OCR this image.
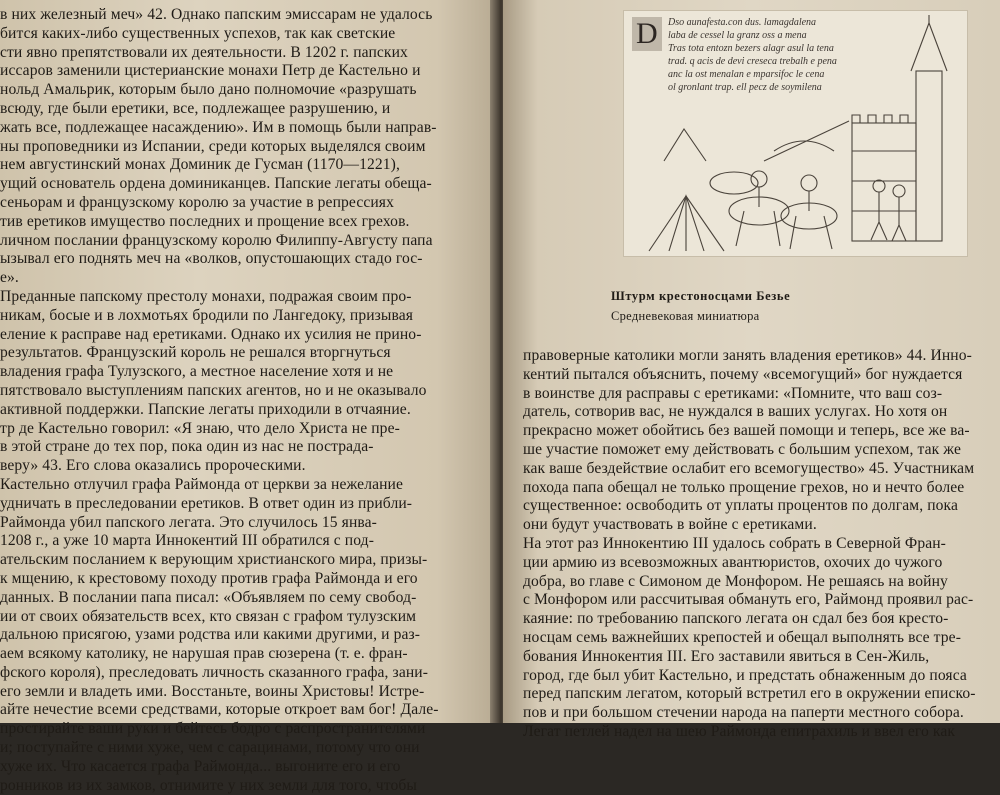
в них железный меч» 42. Однако папским эмиссарам не удалось
бится каких-либо существенных успехов, так как светские
сти явно препятствовали их деятельности. В 1202 г. папских
иссаров заменили цистерианские монахи Петр де Кастельно и
нольд Амальрик, которым было дано полномочие «разрушать
всюду, где были еретики, все, подлежащее разрушению, и
жать все, подлежащее насаждению». Им в помощь были направ-
ны проповедники из Испании, среди которых выделялся своим
нем августинский монах Доминик де Гусман (1170—1221),
ущий основатель ордена доминиканцев. Папские легаты обеща-
сеньорам и французскому королю за участие в репрессиях
тив еретиков имущество последних и прощение всех грехов.
личном послании французскому королю Филиппу-Августу папа
ызывал его поднять меч на «волков, опустошающих стадо гос-
е».
Преданные папскому престолу монахи, подражая своим про-
никам, босые и в лохмотьях бродили по Лангедоку, призывая
еление к расправе над еретиками. Однако их усилия не прино-
результатов. Французский король не решался вторгнуться
владения графа Тулузского, а местное население хотя и не
пятствовало выступлениям папских агентов, но и не оказывало
активной поддержки. Папские легаты приходили в отчаяние.
тр де Кастельно говорил: «Я знаю, что дело Христа не пре-
в этой стране до тех пор, пока один из нас не пострада-
веру» 43. Его слова оказались пророческими.
Кастельно отлучил графа Раймонда от церкви за нежелание
удничать в преследовании еретиков. В ответ один из прибли-
Раймонда убил папского легата. Это случилось 15 янва-
1208 г., а уже 10 марта Иннокентий III обратился с под-
ательским посланием к верующим христианского мира, призы-
к мщению, к крестовому походу против графа Раймонда и его
данных. В послании папа писал: «Объявляем по сему свобод-
ии от своих обязательств всех, кто связан с графом тулузским
дальною присягою, узами родства или какими другими, и раз-
аем всякому католику, не нарушая прав сюзерена (т. е. фран-
фского короля), преследовать личность сказанного графа, зани-
его земли и владеть ими. Восстаньте, воины Христовы! Истре-
айте нечестие всеми средствами, которые откроет вам бог! Дале-
простирайте ваши руки и бейтесь бодро с распространителями
и; поступайте с ними хуже, чем с сарацинами, потому что они
хуже их. Что касается графа Раймонда... выгоните его и его
ронников из их замков, отнимите у них земли для того, чтобы
Dso aunafesta.con dus. lamagdalena
laba de cessel la granz oss a mena
Tras tota entozn bezers alagr asul la tena
trad. q acis de devi creseca trebalh e pena
anc la ost menalan e mparsifoc le cena
ol gronlant trap. ell pecz de soymilena
D
Штурм крестоносцами Безье
Средневековая миниатюра
правоверные католики могли занять владения еретиков» 44. Инно-
кентий пытался объяснить, почему «всемогущий» бог нуждается
в воинстве для расправы с еретиками: «Помните, что ваш соз-
датель, сотворив вас, не нуждался в ваших услугах. Но хотя он
прекрасно может обойтись без вашей помощи и теперь, все же ва-
ше участие поможет ему действовать с большим успехом, так же
как ваше бездействие ослабит его всемогущество» 45. Участникам
похода папа обещал не только прощение грехов, но и нечто более
существенное: освободить от уплаты процентов по долгам, пока
они будут участвовать в войне с еретиками.
На этот раз Иннокентию III удалось собрать в Северной Фран-
ции армию из всевозможных авантюристов, охочих до чужого
добра, во главе с Симоном де Монфором. Не решаясь на войну
с Монфором или рассчитывая обмануть его, Раймонд проявил рас-
каяние: по требованию папского легата он сдал без боя кресто-
носцам семь важнейших крепостей и обещал выполнять все тре-
бования Иннокентия III. Его заставили явиться в Сен-Жиль,
город, где был убит Кастельно, и предстать обнаженным до пояса
перед папским легатом, который встретил его в окружении еписко-
пов и при большом стечении народа на паперти местного собора.
Легат петлей надел на шею Раймонда епитрахиль и ввел его как
